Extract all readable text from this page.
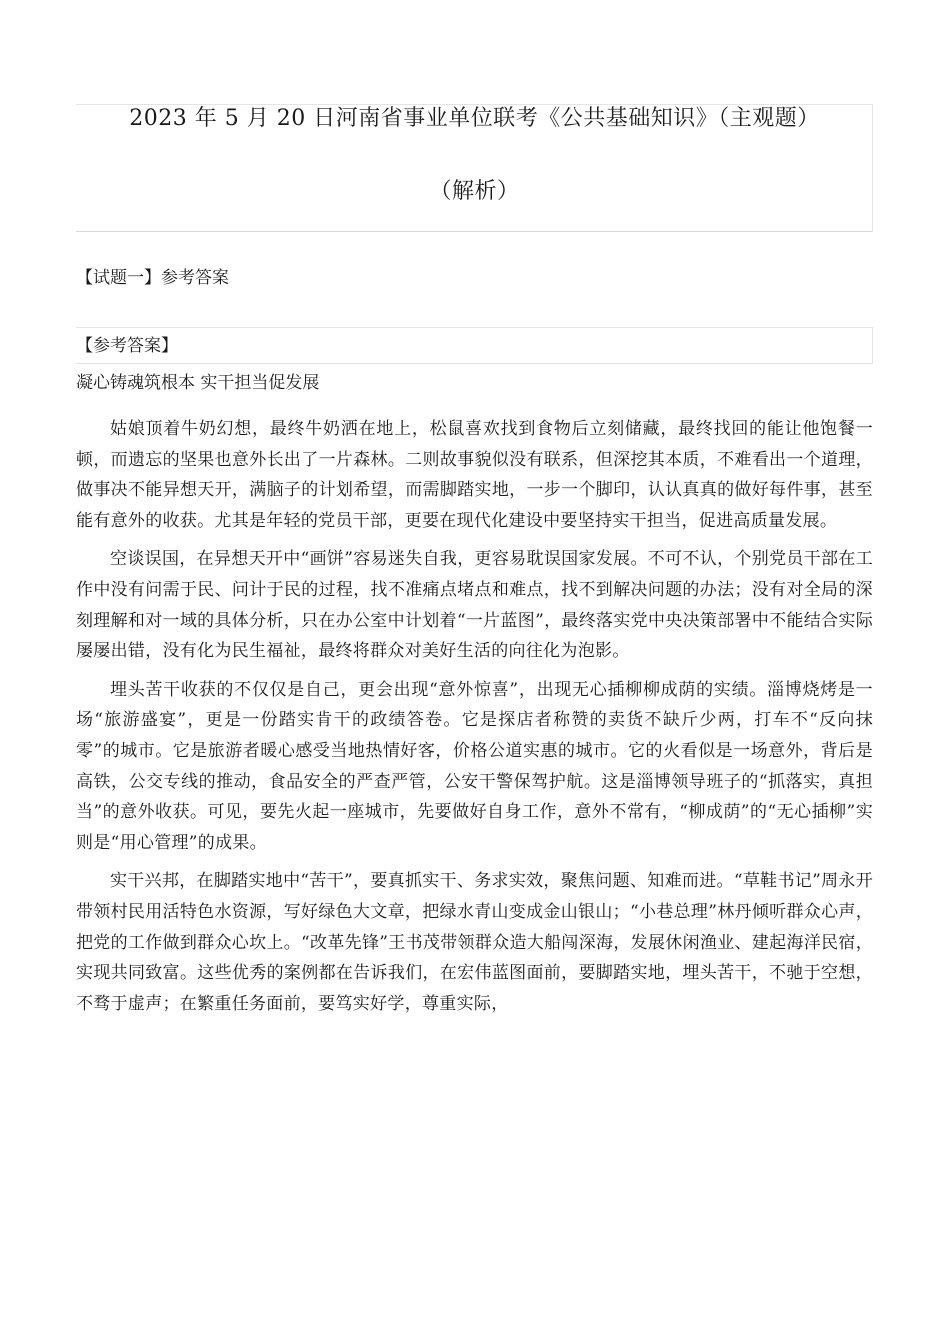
2023 年 5 月 20 日河南省事业单位联考《公共基础知识》（主观题）
（解析）
【试题一】参考答案
【参考答案】
凝心铸魂筑根本 实干担当促发展

姑娘顶着牛奶幻想，最终牛奶洒在地上，松鼠喜欢找到食物后立刻储藏，最终找回的能让他饱餐一顿，而遗忘的坚果也意外长出了一片森林。二则故事貌似没有联系，但深挖其本质，不难看出一个道理，做事决不能异想天开，满脑子的计划希望，而需脚踏实地，一步一个脚印，认认真真的做好每件事，甚至能有意外的收获。尤其是年轻的党员干部，更要在现代化建设中要坚持实干担当，促进高质量发展。

空谈误国，在异想天开中“画饼”容易迷失自我，更容易耽误国家发展。不可不认，个别党员干部在工作中没有问需于民、问计于民的过程，找不准痛点堵点和难点，找不到解决问题的办法；没有对全局的深刻理解和对一域的具体分析，只在办公室中计划着“一片蓝图”，最终落实党中央决策部署中不能结合实际屡屡出错，没有化为民生福祉，最终将群众对美好生活的向往化为泡影。

埋头苦干收获的不仅仅是自己，更会出现“意外惊喜”，出现无心插柳柳成荫的实绩。淄博烧烤是一场“旅游盛宴”，更是一份踏实肯干的政绩答卷。它是探店者称赞的卖货不缺斤少两，打车不“反向抹零”的城市。它是旅游者暖心感受当地热情好客，价格公道实惠的城市。它的火看似是一场意外，背后是高铁，公交专线的推动，食品安全的严查严管，公安干警保驾护航。这是淄博领导班子的“抓落实，真担当”的意外收获。可见，要先火起一座城市，先要做好自身工作，意外不常有，“柳成荫”的“无心插柳”实则是“用心管理”的成果。

实干兴邦，在脚踏实地中“苦干”，要真抓实干、务求实效，聚焦问题、知难而进。“草鞋书记”周永开带领村民用活特色水资源，写好绿色大文章，把绿水青山变成金山银山；“小巷总理”林丹倾听群众心声，把党的工作做到群众心坎上。“改革先锋”王书茂带领群众造大船闯深海，发展休闲渔业、建起海洋民宿，实现共同致富。这些优秀的案例都在告诉我们，在宏伟蓝图面前，要脚踏实地，埋头苦干，不驰于空想，不骛于虚声；在繁重任务面前，要笃实好学，尊重实际，
